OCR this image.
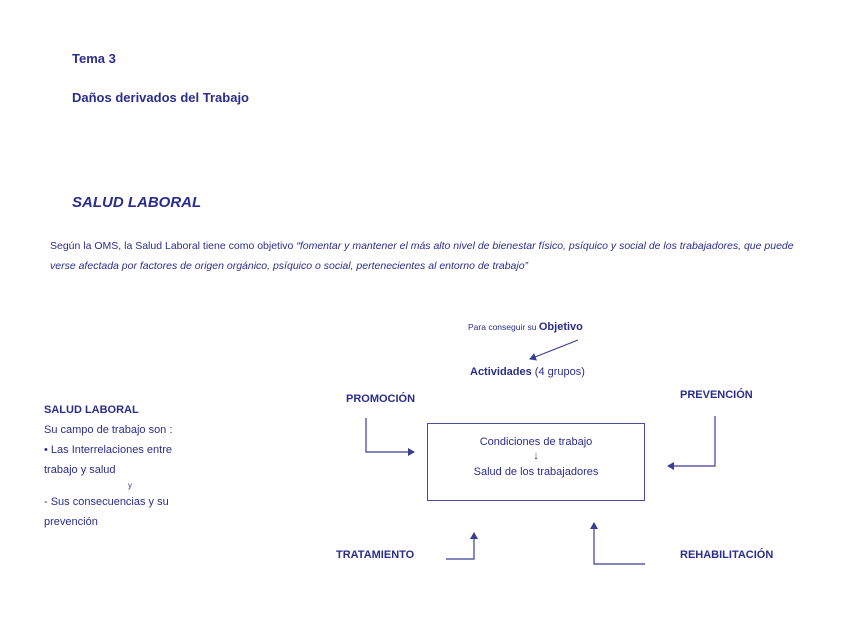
Tema 3
Daños derivados del Trabajo
SALUD LABORAL
Según la OMS, la Salud Laboral tiene como objetivo “fomentar y mantener el más alto nivel de bienestar físico, psíquico y social de los trabajadores, que puede verse afectada por factores de origen orgánico, psíquico o social, pertenecientes al entorno de trabajo”
SALUD LABORAL
Su campo de trabajo son :
• Las Interrelaciones entre
trabajo y salud
y
- Sus consecuencias y su
prevención
Para conseguir su Objetivo
Actividades (4 grupos)
PROMOCIÓN	PREVENCIÓN
TRATAMIENTO	REHABILITACIÓN
Condiciones de trabajo
↓
Salud de los trabajadores
